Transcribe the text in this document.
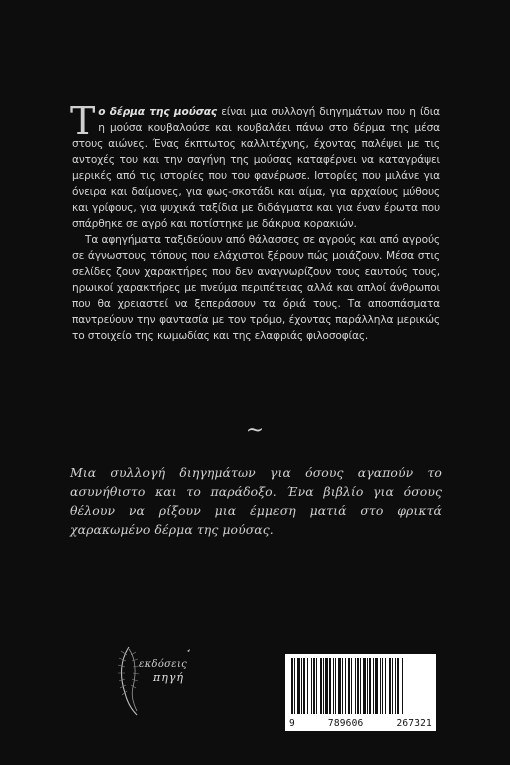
Το δέρμα της μούσας είναι μια συλλογή διηγημάτων που η ίδια η μούσα κουβαλούσε και κουβαλάει πάνω στο δέρμα της μέσα στους αιώνες. Ένας έκπτωτος καλλιτέχνης, έχοντας παλέψει με τις αντοχές του και την σαγήνη της μούσας καταφέρνει να καταγράψει μερικές από τις ιστορίες που του φανέρωσε. Ιστορίες που μιλάνε για όνειρα και δαίμονες, για φως-σκοτάδι και αίμα, για αρχαίους μύθους και γρίφους, για ψυχικά ταξίδια με διδάγματα και για έναν έρωτα που σπάρθηκε σε αγρό και ποτίστηκε με δάκρυα κορακιών.

Τα αφηγήματα ταξιδεύουν από θάλασσες σε αγρούς και από αγρούς σε άγνωστους τόπους που ελάχιστοι ξέρουν πώς μοιάζουν. Μέσα στις σελίδες ζουν χαρακτήρες που δεν αναγνωρίζουν τους εαυτούς τους, ηρωικοί χαρακτήρες με πνεύμα περιπέτειας αλλά και απλοί άνθρωποι που θα χρειαστεί να ξεπεράσουν τα όριά τους. Τα αποσπάσματα παντρεύουν την φαντασία με τον τρόμο, έχοντας παράλληλα μερικώς το στοιχείο της κωμωδίας και της ελαφριάς φιλοσοφίας.

~
Μια συλλογή διηγημάτων για όσους αγαπούν το ασυνήθιστο και το παράδοξο. Ένα βιβλίο για όσους θέλουν να ρίξουν μια έμμεση ματιά στο φρικτά χαρακωμένο δέρμα της μούσας.
εκδόσεις
πηγή
9	789606	267321
